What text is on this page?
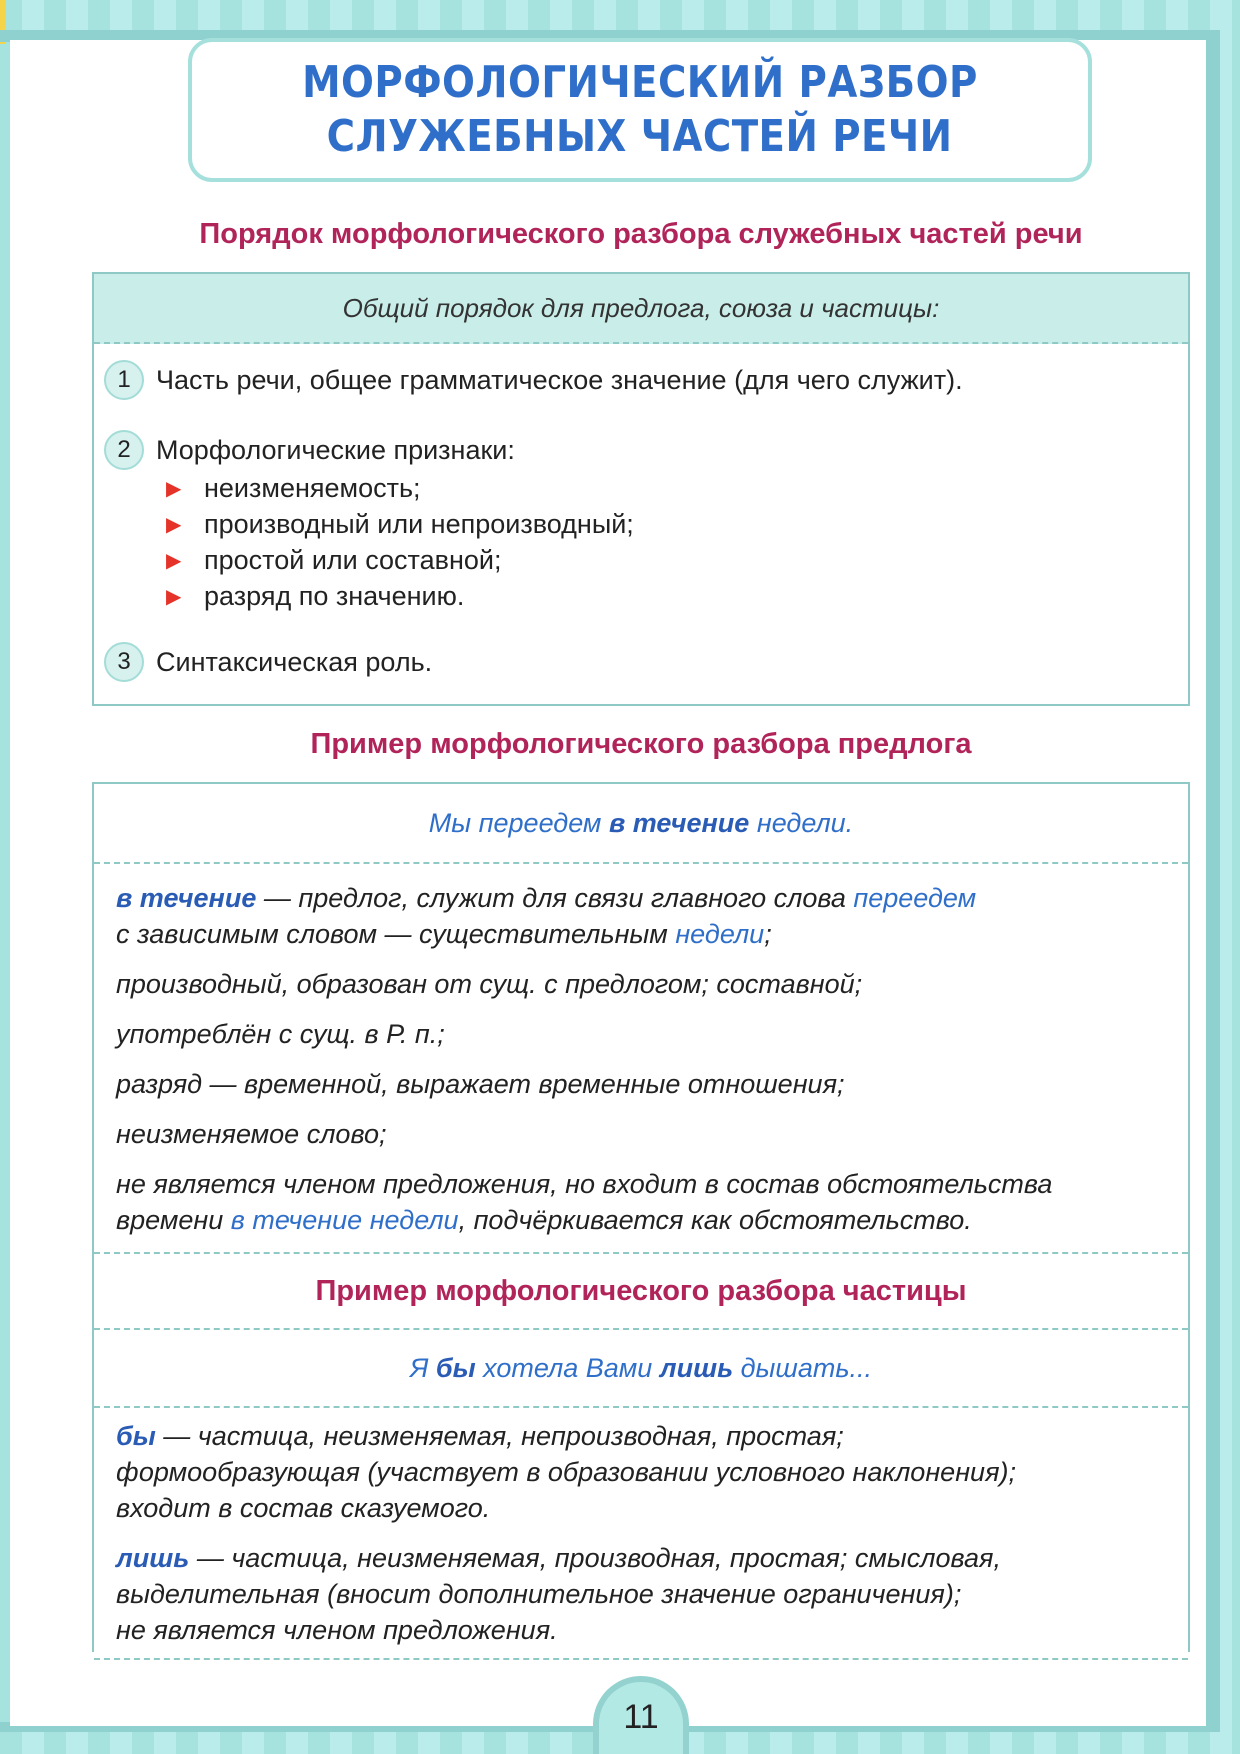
МОРФОЛОГИЧЕСКИЙ РАЗБОР
СЛУЖЕБНЫХ ЧАСТЕЙ РЕЧИ
Порядок морфологического разбора служебных частей речи
Общий порядок для предлога, союза и частицы:
1 Часть речи, общее грамматическое значение (для чего служит).
2 Морфологические признаки:
▶ неизменяемость;
▶ производный или непроизводный;
▶ простой или составной;
▶ разряд по значению.
3 Синтаксическая роль.
Пример морфологического разбора предлога
Мы переедем в течение недели.
в течение — предлог, служит для связи главного слова переедем
с зависимым словом — существительным недели;
производный, образован от сущ. с предлогом; составной;
употреблён с сущ. в Р. п.;
разряд — временной, выражает временные отношения;
неизменяемое слово;
не является членом предложения, но входит в состав обстоятельства
времени в течение недели, подчёркивается как обстоятельство.
Пример морфологического разбора частицы
Я бы хотела Вами лишь дышать...
бы — частица, неизменяемая, непроизводная, простая;
формообразующая (участвует в образовании условного наклонения);
входит в состав сказуемого.
лишь — частица, неизменяемая, производная, простая; смысловая,
выделительная (вносит дополнительное значение ограничения);
не является членом предложения.
11
